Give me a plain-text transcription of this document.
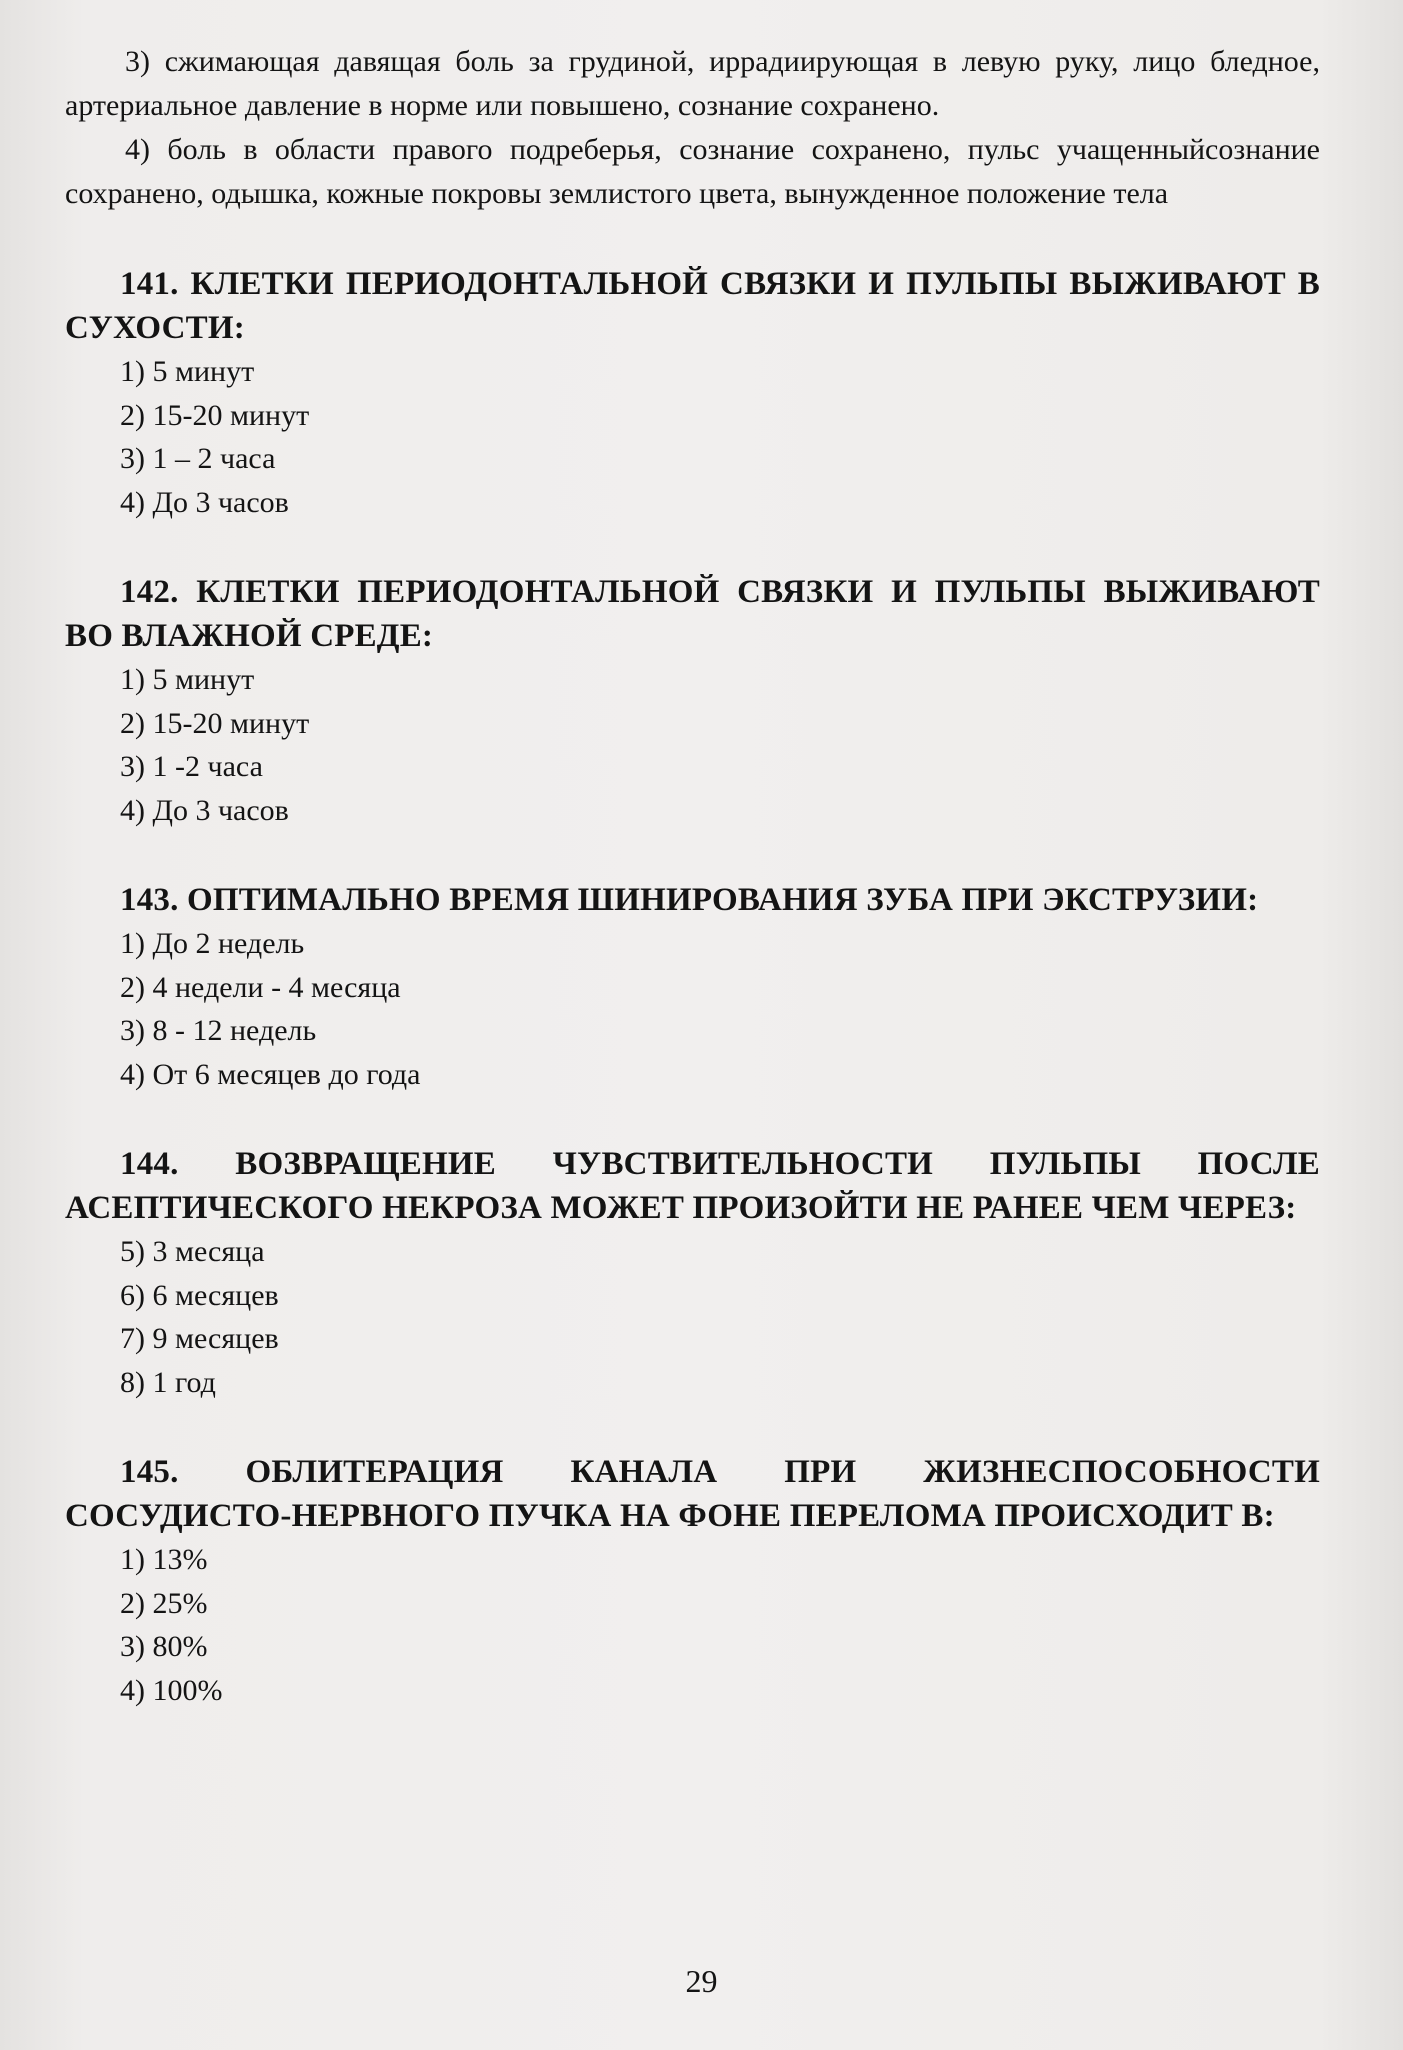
3) сжимающая давящая боль за грудиной, иррадиирующая в левую руку, лицо бледное, артериальное давление в норме или повышено, сознание сохранено.

4) боль в области правого подреберья, сознание сохранено, пульс учащенныйсознание сохранено, одышка, кожные покровы землистого цвета, вынужденное положение тела

141. КЛЕТКИ ПЕРИОДОНТАЛЬНОЙ СВЯЗКИ И ПУЛЬПЫ ВЫЖИВАЮТ В СУХОСТИ:

1) 5 минут
2) 15-20 минут
3) 1 – 2 часа
4) До 3 часов

142. КЛЕТКИ ПЕРИОДОНТАЛЬНОЙ СВЯЗКИ И ПУЛЬПЫ ВЫЖИВАЮТ ВО ВЛАЖНОЙ СРЕДЕ:

1) 5 минут
2) 15-20 минут
3) 1 -2 часа
4) До 3 часов

143. ОПТИМАЛЬНО ВРЕМЯ ШИНИРОВАНИЯ ЗУБА ПРИ ЭКСТРУЗИИ:

1) До 2 недель
2) 4 недели - 4 месяца
3) 8 - 12 недель
4) От 6 месяцев до года

144. ВОЗВРАЩЕНИЕ ЧУВСТВИТЕЛЬНОСТИ ПУЛЬПЫ ПОСЛЕ АСЕПТИЧЕСКОГО НЕКРОЗА МОЖЕТ ПРОИЗОЙТИ НЕ РАНЕЕ ЧЕМ ЧЕРЕЗ:

5) 3 месяца
6) 6 месяцев
7) 9 месяцев
8) 1 год

145. ОБЛИТЕРАЦИЯ КАНАЛА ПРИ ЖИЗНЕСПОСОБНОСТИ СОСУДИСТО-НЕРВНОГО ПУЧКА НА ФОНЕ ПЕРЕЛОМА ПРОИСХОДИТ В:

1) 13%
2) 25%
3) 80%
4) 100%
29
